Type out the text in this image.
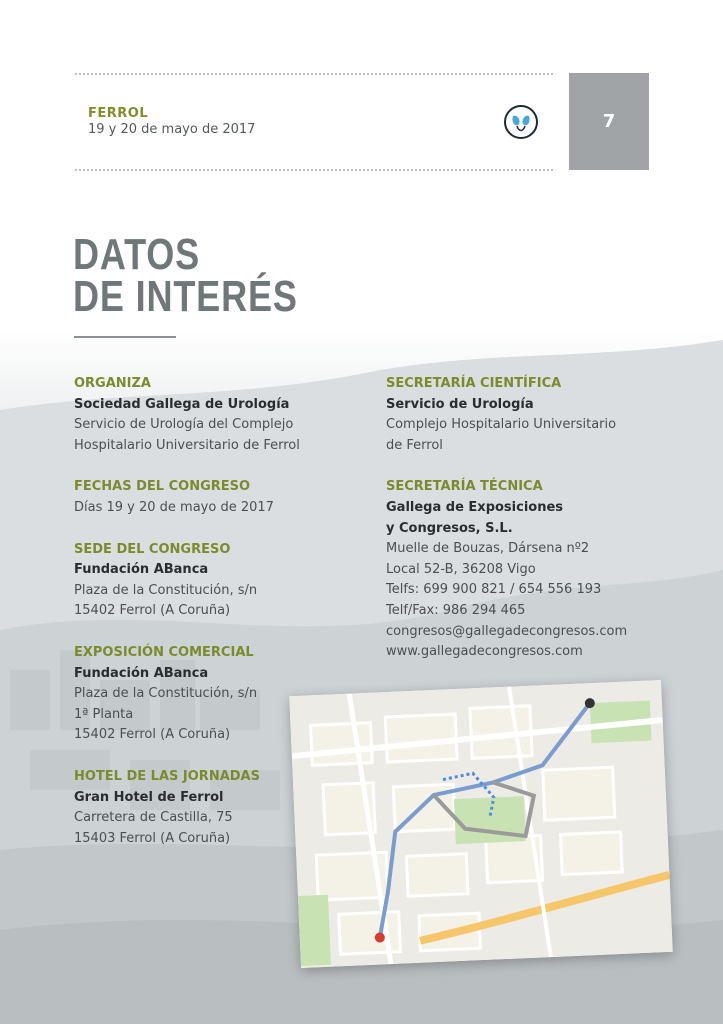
FERROL
19 y 20 de mayo de 2017	7
DATOS
DE INTERÉS
ORGANIZA
Sociedad Gallega de Urología
Servicio de Urología del Complejo
Hospitalario Universitario de Ferrol
FECHAS DEL CONGRESO
Días 19 y 20 de mayo de 2017
SEDE DEL CONGRESO
Fundación ABanca
Plaza de la Constitución, s/n
15402 Ferrol (A Coruña)
EXPOSICIÓN COMERCIAL
Fundación ABanca
Plaza de la Constitución, s/n
1ª Planta
15402 Ferrol (A Coruña)
HOTEL DE LAS JORNADAS
Gran Hotel de Ferrol
Carretera de Castilla, 75
15403 Ferrol (A Coruña)
SECRETARÍA CIENTÍFICA
Servicio de Urología
Complejo Hospitalario Universitario
de Ferrol
SECRETARÍA TÉCNICA
Gallega de Exposiciones
y Congresos, S.L.
Muelle de Bouzas, Dársena nº2
Local 52-B, 36208 Vigo
Telfs: 699 900 821 / 654 556 193
Telf/Fax: 986 294 465
congresos@gallegadecongresos.com
www.gallegadecongresos.com
